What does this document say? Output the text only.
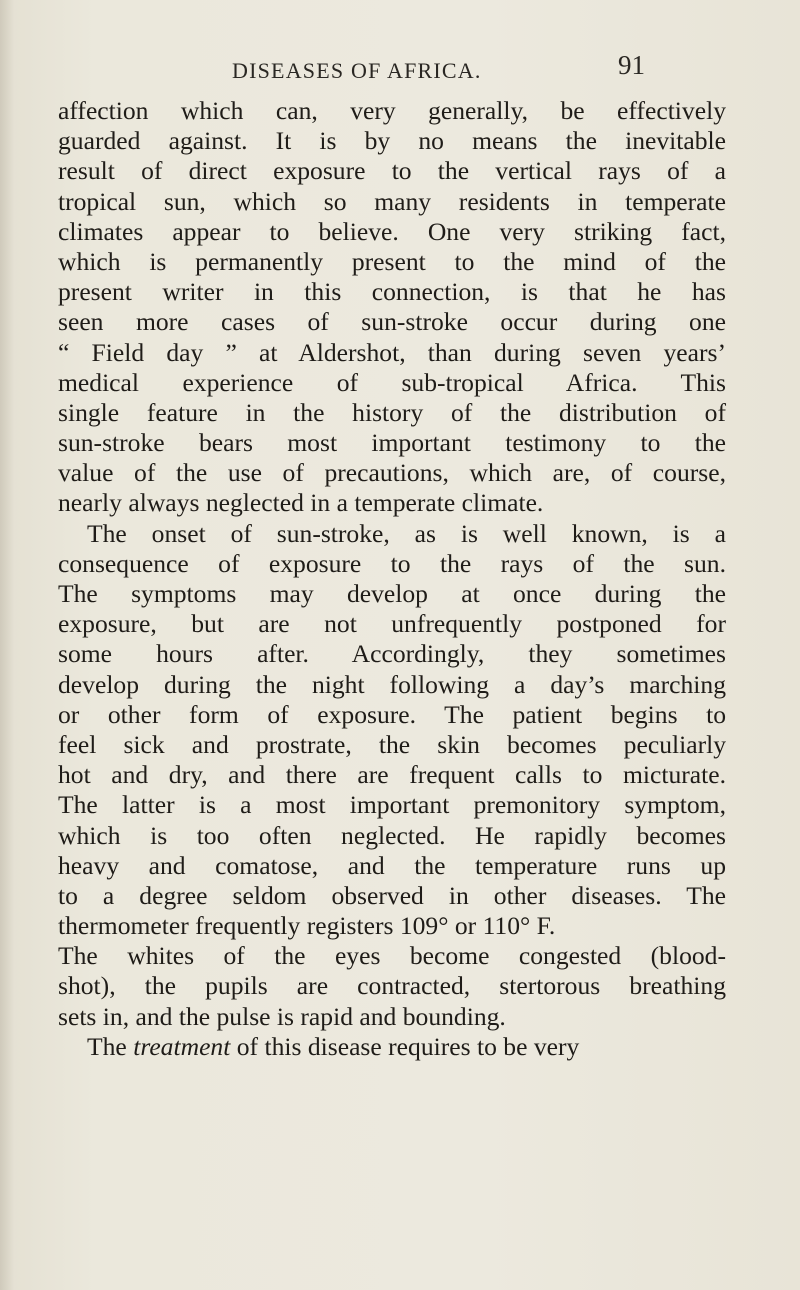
DISEASES OF AFRICA.	91
affection which can, very generally, be effectively
guarded against. It is by no means the inevitable
result of direct exposure to the vertical rays of a
tropical sun, which so many residents in temperate
climates appear to believe. One very striking fact,
which is permanently present to the mind of the
present writer in this connection, is that he has
seen more cases of sun-stroke occur during one
“ Field day ” at Aldershot, than during seven years’
medical experience of sub-tropical Africa. This
single feature in the history of the distribution of
sun-stroke bears most important testimony to the
value of the use of precautions, which are, of course,
nearly always neglected in a temperate climate.
The onset of sun-stroke, as is well known, is a
consequence of exposure to the rays of the sun.
The symptoms may develop at once during the
exposure, but are not unfrequently postponed for
some hours after. Accordingly, they sometimes
develop during the night following a day’s marching
or other form of exposure. The patient begins to
feel sick and prostrate, the skin becomes peculiarly
hot and dry, and there are frequent calls to micturate.
The latter is a most important premonitory symptom,
which is too often neglected. He rapidly becomes
heavy and comatose, and the temperature runs up
to a degree seldom observed in other diseases. The
thermometer frequently registers 109° or 110° F.
The whites of the eyes become congested (blood-
shot), the pupils are contracted, stertorous breathing
sets in, and the pulse is rapid and bounding.
The treatment of this disease requires to be very
